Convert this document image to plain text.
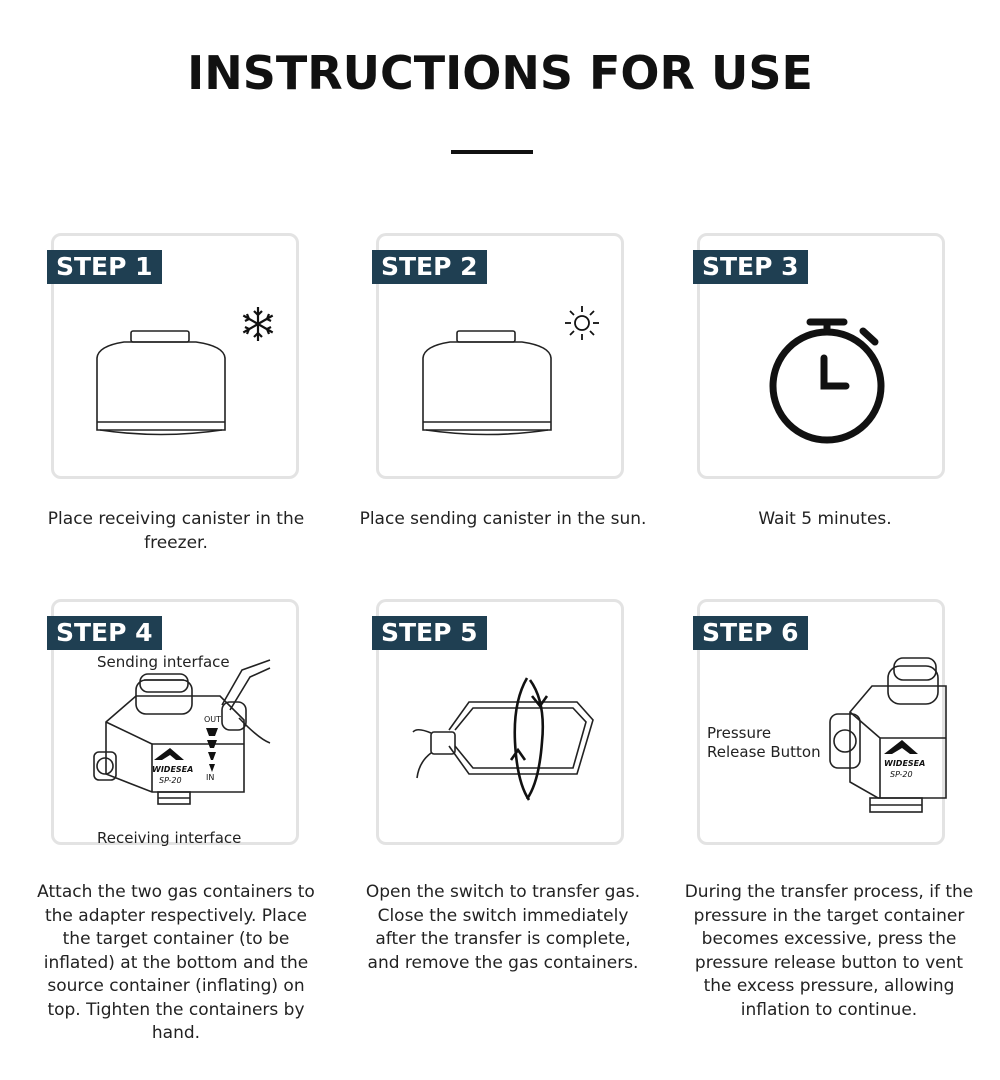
INSTRUCTIONS FOR USE
STEP 1
Place receiving canister in the freezer.
STEP 2
Place sending canister in the sun.
STEP 3
Wait 5 minutes.
WIDESEA
SP-20
OUT
IN
STEP 4
Sending interface
Receiving interface
Attach the two gas containers to the adapter respectively. Place the target container (to be inflated) at the bottom and the source container (inflating) on top. Tighten the containers by hand.
STEP 5
Open the switch to transfer gas. Close the switch immediately after the transfer is complete, and remove the gas containers.
WIDESEA
SP-20
STEP 6
Pressure
Release Button
During the transfer process, if the pressure in the target container becomes excessive, press the pressure release button to vent the excess pressure, allowing inflation to continue.
